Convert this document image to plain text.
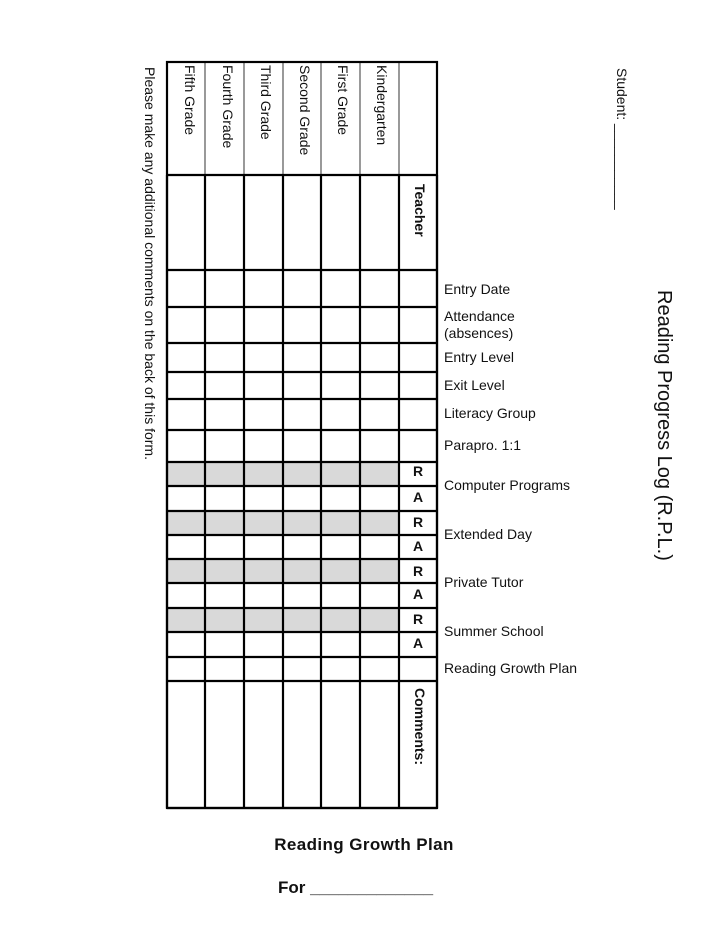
Reading Progress Log (R.P.L.)
Student: ___________
Please make any additional comments on the back of this form.	Kindergarten
First Grade
Second Grade
Third Grade
Fourth Grade
Fifth Grade
Teacher
Comments:
R
A
R
A
R
A
R
A
Entry Date
Attendance (absences)
Entry Level
Exit Level
Literacy Group
Parapro. 1:1
Computer Programs
Extended Day
Private Tutor
Summer School
Reading Growth Plan
Reading Growth Plan
For _____________
